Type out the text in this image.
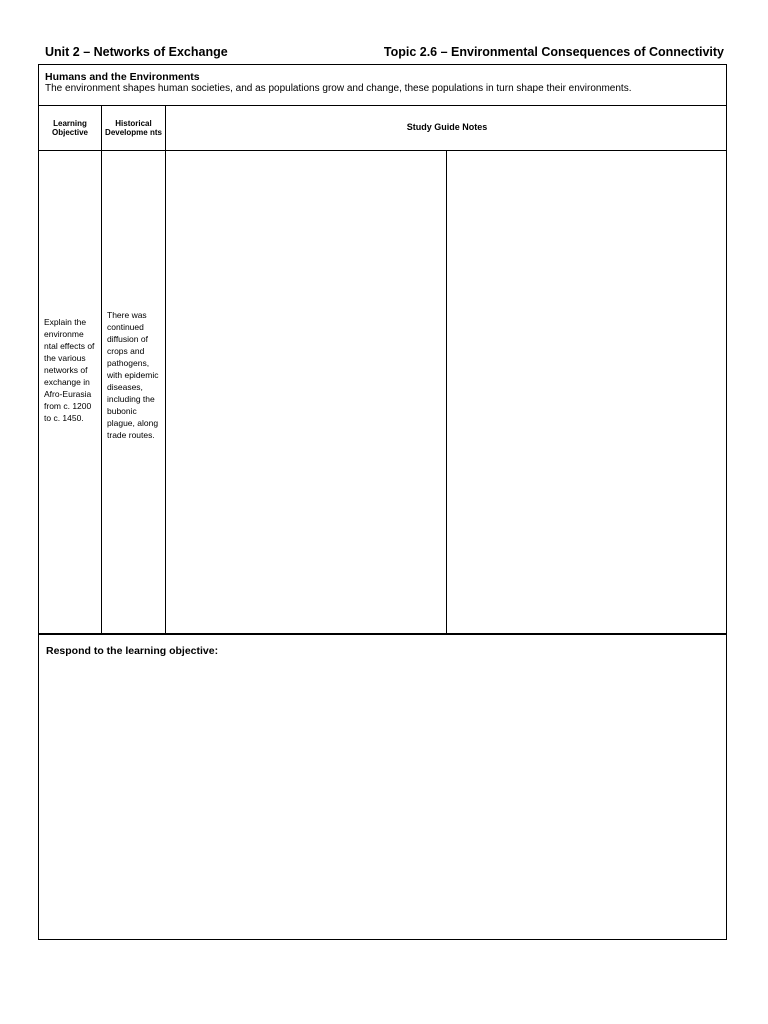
Unit 2 – Networks of Exchange	Topic 2.6 – Environmental Consequences of Connectivity
Humans and the Environments
The environment shapes human societies, and as populations grow and change, these populations in turn shape their environments.
Learning Objective
Historical Developme nts
Study Guide Notes
Explain the environme ntal effects of the various networks of exchange in Afro-Eurasia from c. 1200 to c. 1450.
There was continued diffusion of crops and pathogens, with epidemic diseases, including the bubonic plague, along trade routes.
Respond to the learning objective:
